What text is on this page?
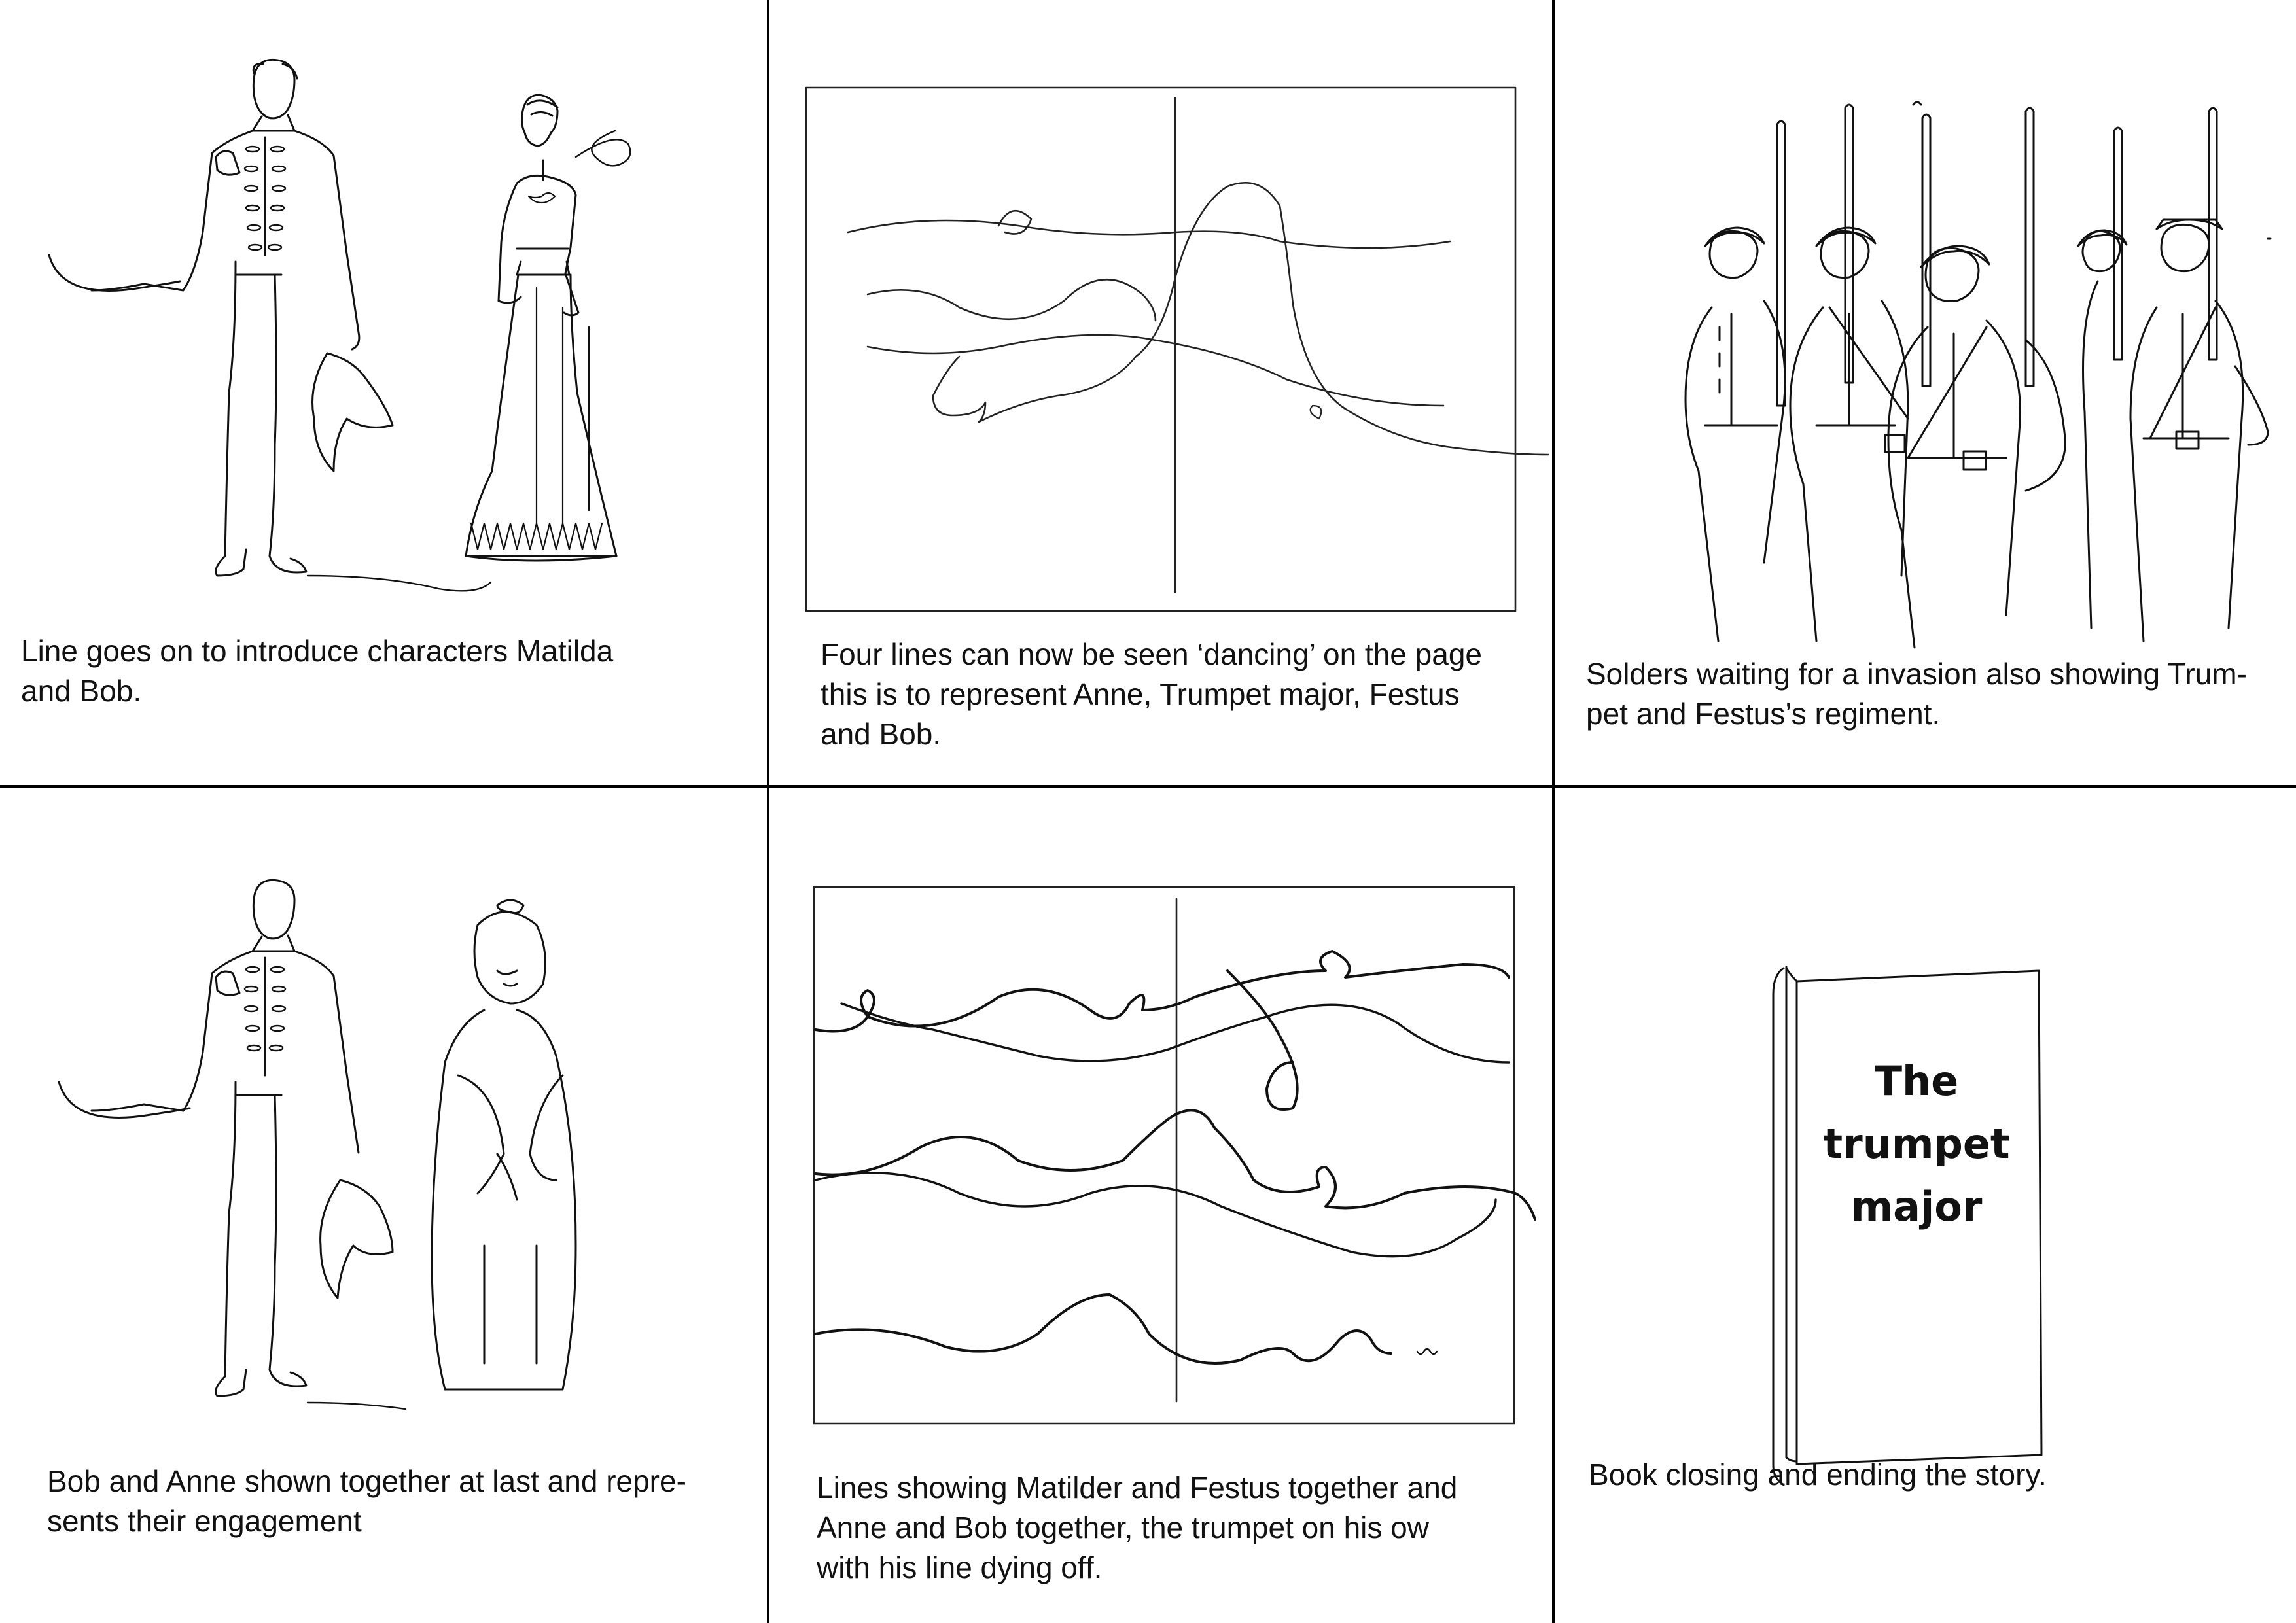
Line goes on to introduce characters Matilda
and Bob.
Four lines can now be seen ‘dancing’ on the page
this is to represent Anne, Trumpet major, Festus
and Bob.
Solders waiting for a invasion also showing Trum-
pet and Festus’s regiment.
Bob and Anne shown together at last and repre-
sents their engagement
Lines showing Matilder and Festus together and
Anne and Bob together, the trumpet on his ow
with his line dying off.
The
trumpet
major
Book closing and ending the story.
